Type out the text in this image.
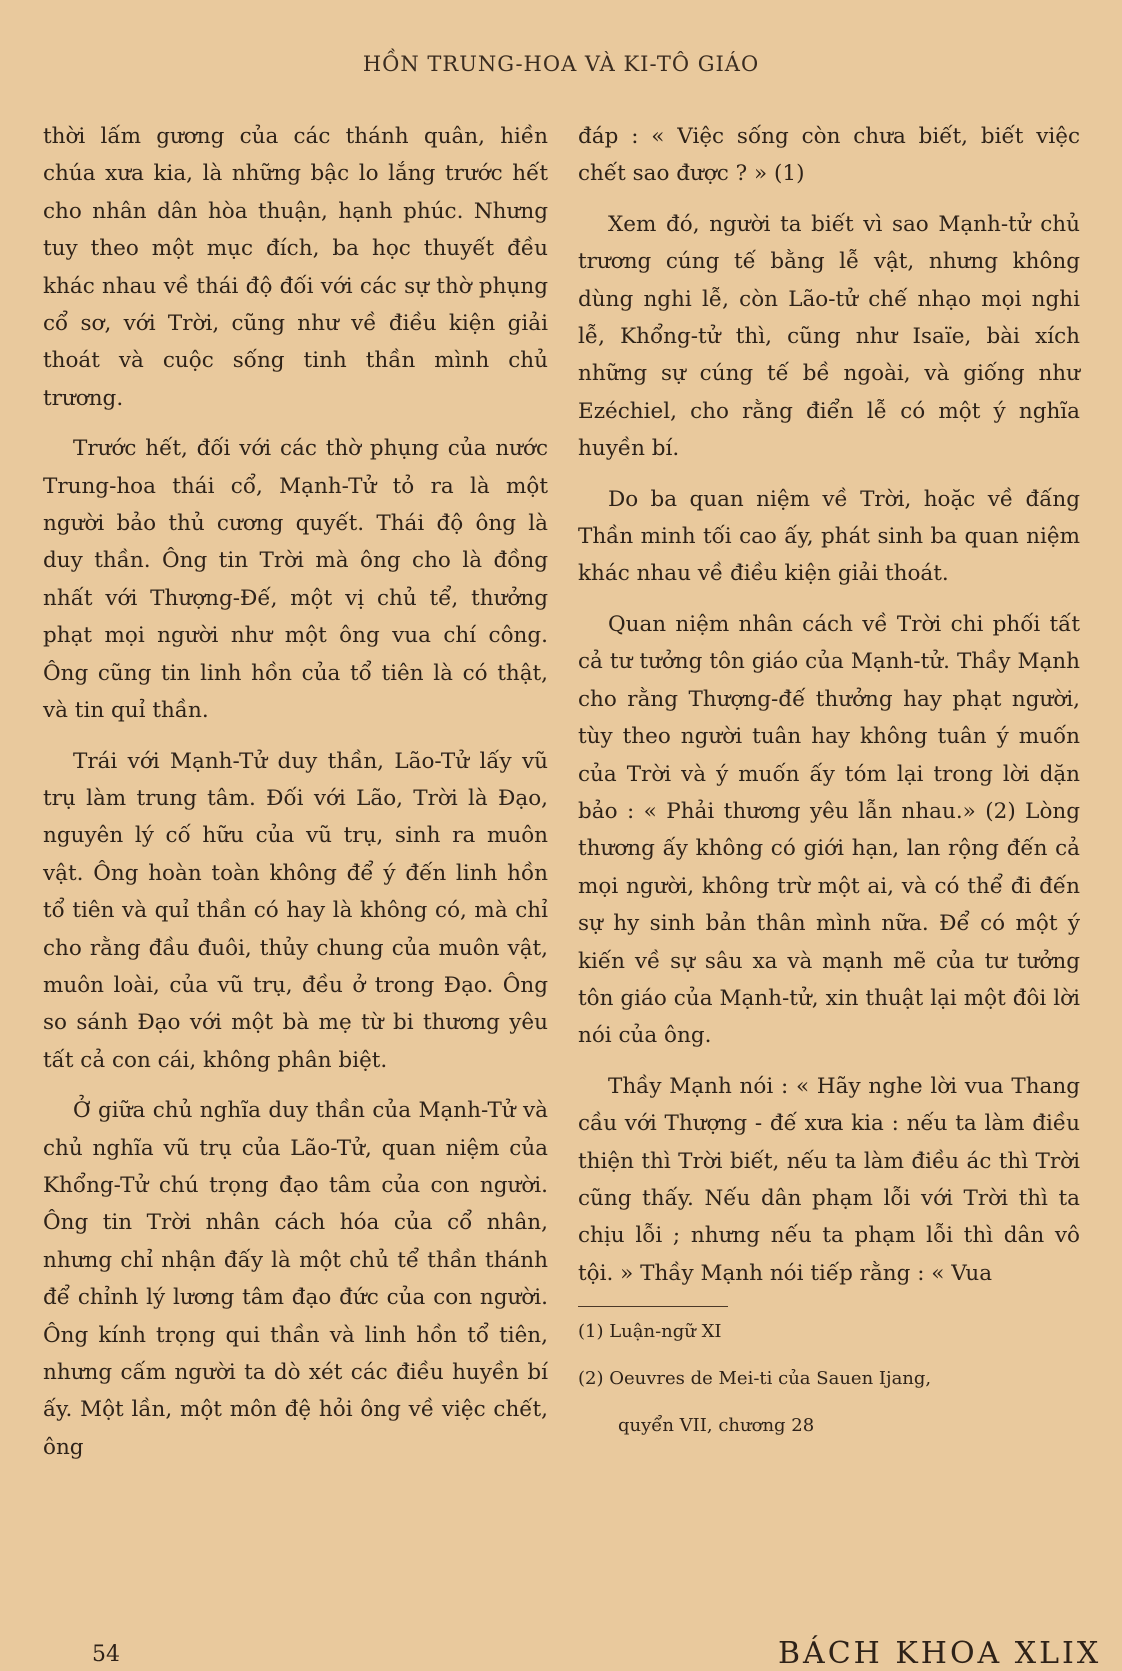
HỒN TRUNG-HOA VÀ KI-TÔ GIÁO

thời lấm gương của các thánh quân, hiền chúa xưa kia, là những bậc lo lắng trước hết cho nhân dân hòa thuận, hạnh phúc. Nhưng tuy theo một mục đích, ba học thuyết đều khác nhau về thái độ đối với các sự thờ phụng cổ sơ, với Trời, cũng như về điều kiện giải thoát và cuộc sống tinh thần mình chủ trương.

Trước hết, đối với các thờ phụng của nước Trung-hoa thái cổ, Mạnh-Tử tỏ ra là một người bảo thủ cương quyết. Thái độ ông là duy thần. Ông tin Trời mà ông cho là đồng nhất với Thượng-Đế, một vị chủ tể, thưởng phạt mọi người như một ông vua chí công. Ông cũng tin linh hồn của tổ tiên là có thật, và tin quỉ thần.

Trái với Mạnh-Tử duy thần, Lão-Tử lấy vũ trụ làm trung tâm. Đối với Lão, Trời là Đạo, nguyên lý cố hữu của vũ trụ, sinh ra muôn vật. Ông hoàn toàn không để ý đến linh hồn tổ tiên và quỉ thần có hay là không có, mà chỉ cho rằng đầu đuôi, thủy chung của muôn vật, muôn loài, của vũ trụ, đều ở trong Đạo. Ông so sánh Đạo với một bà mẹ từ bi thương yêu tất cả con cái, không phân biệt.

Ở giữa chủ nghĩa duy thần của Mạnh-Tử và chủ nghĩa vũ trụ của Lão-Tử, quan niệm của Khổng-Tử chú trọng đạo tâm của con người. Ông tin Trời nhân cách hóa của cổ nhân, nhưng chỉ nhận đấy là một chủ tể thần thánh để chỉnh lý lương tâm đạo đức của con người. Ông kính trọng qui thần và linh hồn tổ tiên, nhưng cấm người ta dò xét các điều huyền bí ấy. Một lần, một môn đệ hỏi ông về việc chết, ông

đáp : « Việc sống còn chưa biết, biết việc chết sao được ? » (1)

Xem đó, người ta biết vì sao Mạnh-tử chủ trương cúng tế bằng lễ vật, nhưng không dùng nghi lễ, còn Lão-tử chế nhạo mọi nghi lễ, Khổng-tử thì, cũng như Isaïe, bài xích những sự cúng tế bề ngoài, và giống như Ezéchiel, cho rằng điển lễ có một ý nghĩa huyền bí.

Do ba quan niệm về Trời, hoặc về đấng Thần minh tối cao ấy, phát sinh ba quan niệm khác nhau về điều kiện giải thoát.

Quan niệm nhân cách về Trời chi phối tất cả tư tưởng tôn giáo của Mạnh-tử. Thầy Mạnh cho rằng Thượng-đế thưởng hay phạt người, tùy theo người tuân hay không tuân ý muốn của Trời và ý muốn ấy tóm lại trong lời dặn bảo : « Phải thương yêu lẫn nhau.» (2) Lòng thương ấy không có giới hạn, lan rộng đến cả mọi người, không trừ một ai, và có thể đi đến sự hy sinh bản thân mình nữa. Để có một ý kiến về sự sâu xa và mạnh mẽ của tư tưởng tôn giáo của Mạnh-tử, xin thuật lại một đôi lời nói của ông.

Thầy Mạnh nói : « Hãy nghe lời vua Thang cầu với Thượng - đế xưa kia : nếu ta làm điều thiện thì Trời biết, nếu ta làm điều ác thì Trời cũng thấy. Nếu dân phạm lỗi với Trời thì ta chịu lỗi ; nhưng nếu ta phạm lỗi thì dân vô tội. » Thầy Mạnh nói tiếp rằng : « Vua

(1) Luận-ngữ XI

(2) Oeuvres de Mei-ti của Sauen Ijang,

quyển VII, chương 28

54	BÁCH KHOA XLIX
